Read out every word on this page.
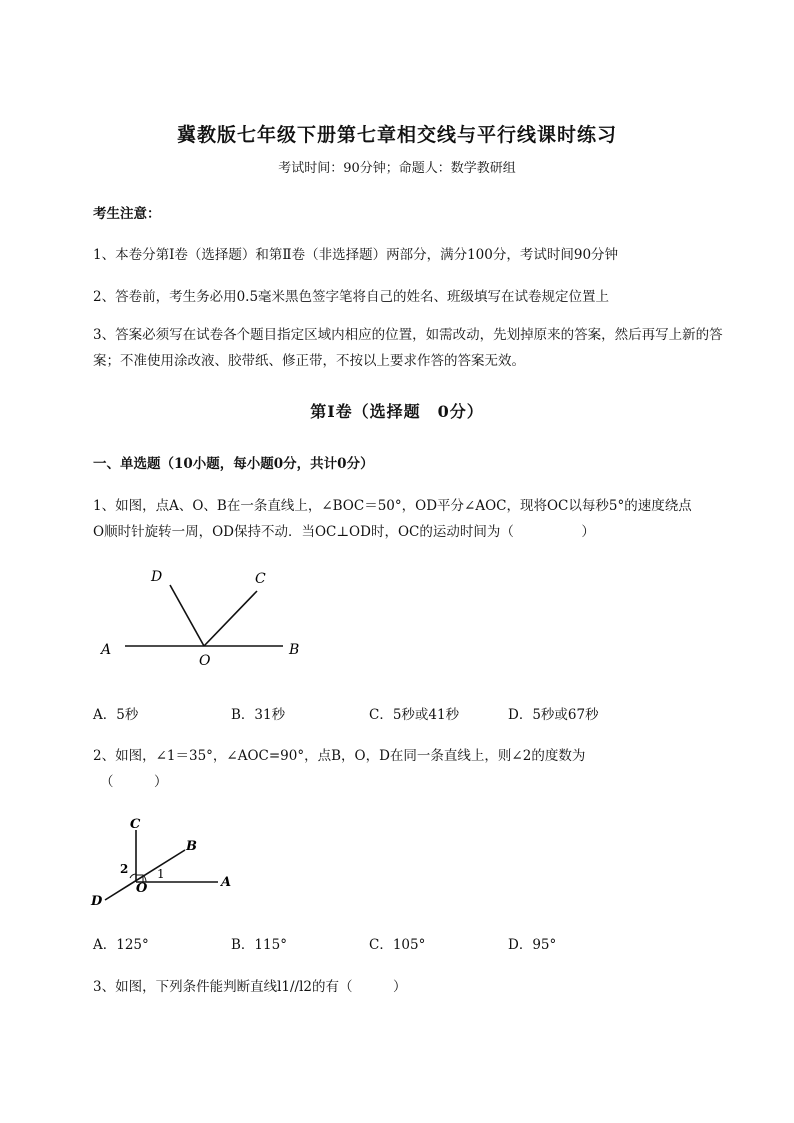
冀教版七年级下册第七章相交线与平行线课时练习
考试时间：90分钟；命题人：数学教研组
考生注意：
1、本卷分第I卷（选择题）和第Ⅱ卷（非选择题）两部分，满分100分，考试时间90分钟
2、答卷前，考生务必用0.5毫米黑色签字笔将自己的姓名、班级填写在试卷规定位置上
3、答案必须写在试卷各个题目指定区域内相应的位置，如需改动，先划掉原来的答案，然后再写上新的答案；不准使用涂改液、胶带纸、修正带，不按以上要求作答的答案无效。
第I卷（选择题　0分）
一、单选题（10小题，每小题0分，共计0分）
1、如图，点A、O、B在一条直线上，∠BOC＝50°，OD平分∠AOC，现将OC以每秒5°的速度绕点
O顺时针旋转一周，OD保持不动．当OC⊥OD时，OC的运动时间为（　　　　　）
A	B
D	C
O
A．5秒	B．31秒	C．5秒或41秒	D．5秒或67秒
2、如图，∠1＝35°，∠AOC=90°，点B，O，D在同一条直线上，则∠2的度数为
（　　　）
C
B
A
D
O
1
2
A．125°	B．115°	C．105°	D．95°
3、如图，下列条件能判断直线l1//l2的有（　　　）
